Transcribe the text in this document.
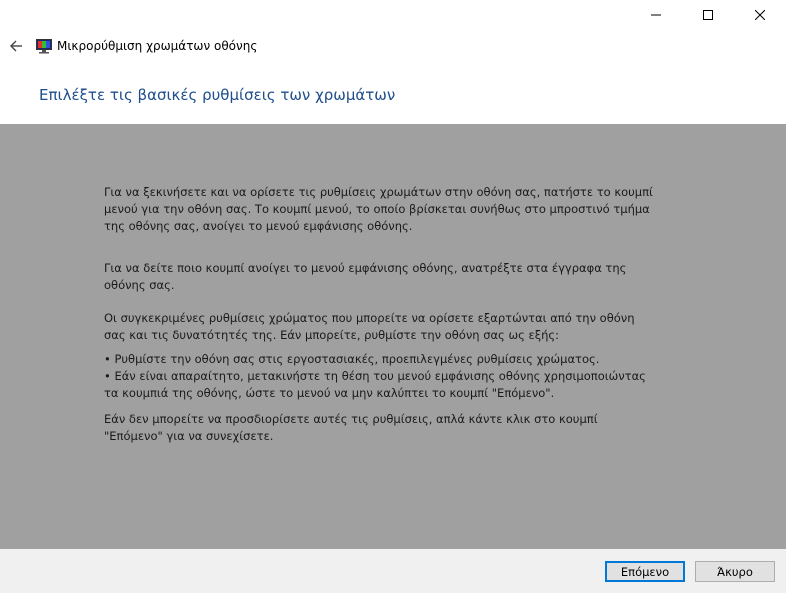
Μικρορύθμιση χρωμάτων οθόνης
Επιλέξτε τις βασικές ρυθμίσεις των χρωμάτων

Για να ξεκινήσετε και να ορίσετε τις ρυθμίσεις χρωμάτων στην οθόνη σας, πατήστε το κουμπί
μενού για την οθόνη σας. Το κουμπί μενού, το οποίο βρίσκεται συνήθως στο μπροστινό τμήμα
της οθόνης σας, ανοίγει το μενού εμφάνισης οθόνης.

Για να δείτε ποιο κουμπί ανοίγει το μενού εμφάνισης οθόνης, ανατρέξτε στα έγγραφα της
οθόνης σας.

Οι συγκεκριμένες ρυθμίσεις χρώματος που μπορείτε να ορίσετε εξαρτώνται από την οθόνη
σας και τις δυνατότητές της. Εάν μπορείτε, ρυθμίστε την οθόνη σας ως εξής:

• Ρυθμίστε την οθόνη σας στις εργοστασιακές, προεπιλεγμένες ρυθμίσεις χρώματος.
• Εάν είναι απαραίτητο, μετακινήστε τη θέση του μενού εμφάνισης οθόνης χρησιμοποιώντας
τα κουμπιά της οθόνης, ώστε το μενού να μην καλύπτει το κουμπί "Επόμενο".

Εάν δεν μπορείτε να προσδιορίσετε αυτές τις ρυθμίσεις, απλά κάντε κλικ στο κουμπί
"Επόμενο" για να συνεχίσετε.

Επόμενο	Άκυρο
